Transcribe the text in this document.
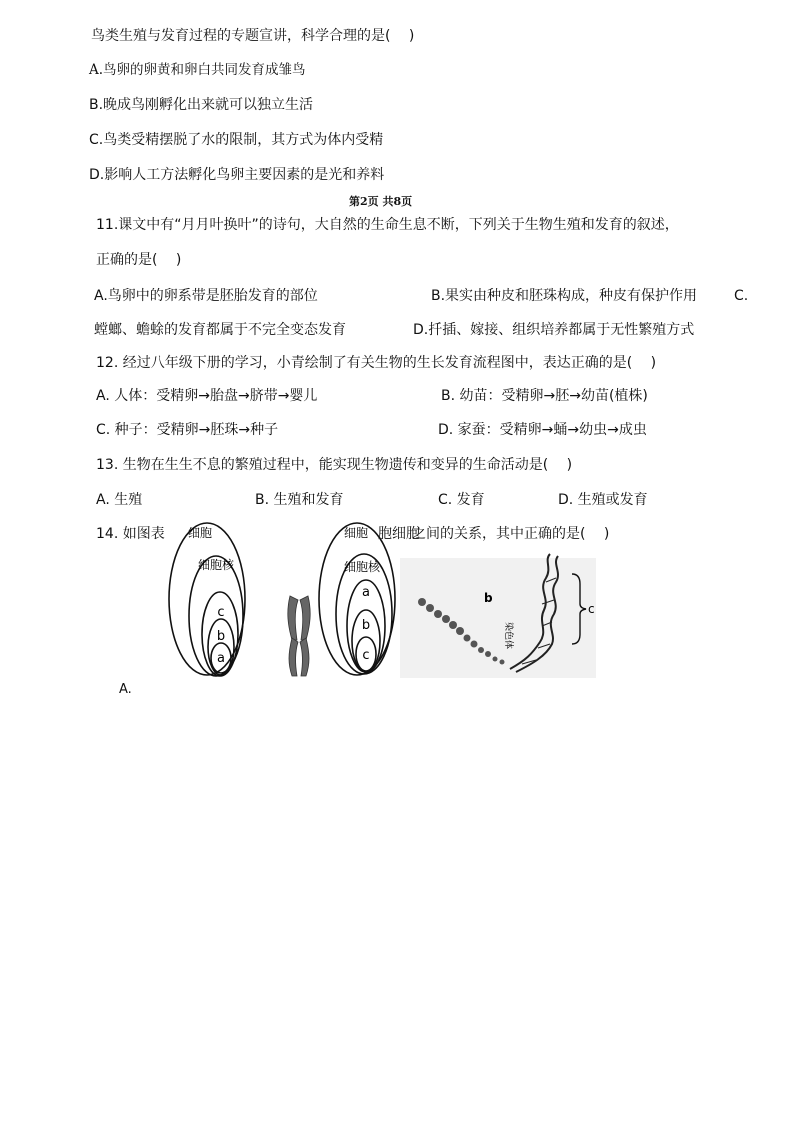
鸟类生殖与发育过程的专题宣讲，科学合理的是(　 )
A.鸟卵的卵黄和卵白共同发育成雏鸟
B.晚成鸟刚孵化出来就可以独立生活
C.鸟类受精摆脱了水的限制，其方式为体内受精
D.影响人工方法孵化鸟卵主要因素的是光和养料
第2页 共8页
11.课文中有“月月叶换叶”的诗句，大自然的生命生息不断，下列关于生物生殖和发育的叙述，
正确的是(　 )
A.鸟卵中的卵系带是胚胎发育的部位	B.果实由种皮和胚珠构成，种皮有保护作用	C.
螳螂、蟾蜍的发育都属于不完全变态发育	D.扦插、嫁接、组织培养都属于无性繁殖方式
12. 经过八年级下册的学习，小青绘制了有关生物的生长发育流程图中，表达正确的是(　 )
A. 人体：受精卵→胎盘→脐带→婴儿	B. 幼苗：受精卵→胚→幼苗(植株)
C. 种子：受精卵→胚珠→种子	D. 家蚕：受精卵→蛹→幼虫→成虫
13. 生物在生生不息的繁殖过程中，能实现生物遗传和变异的生命活动是(　 )
A. 生殖	B. 生殖和发育	C. 发育	D. 生殖或发育
14. 如图表	胞细胞
之间的关系，其中正确的是(　 )
细胞
细胞核
c
b
a
细胞
细胞核
a
b
c
b
c
染色体
A.
